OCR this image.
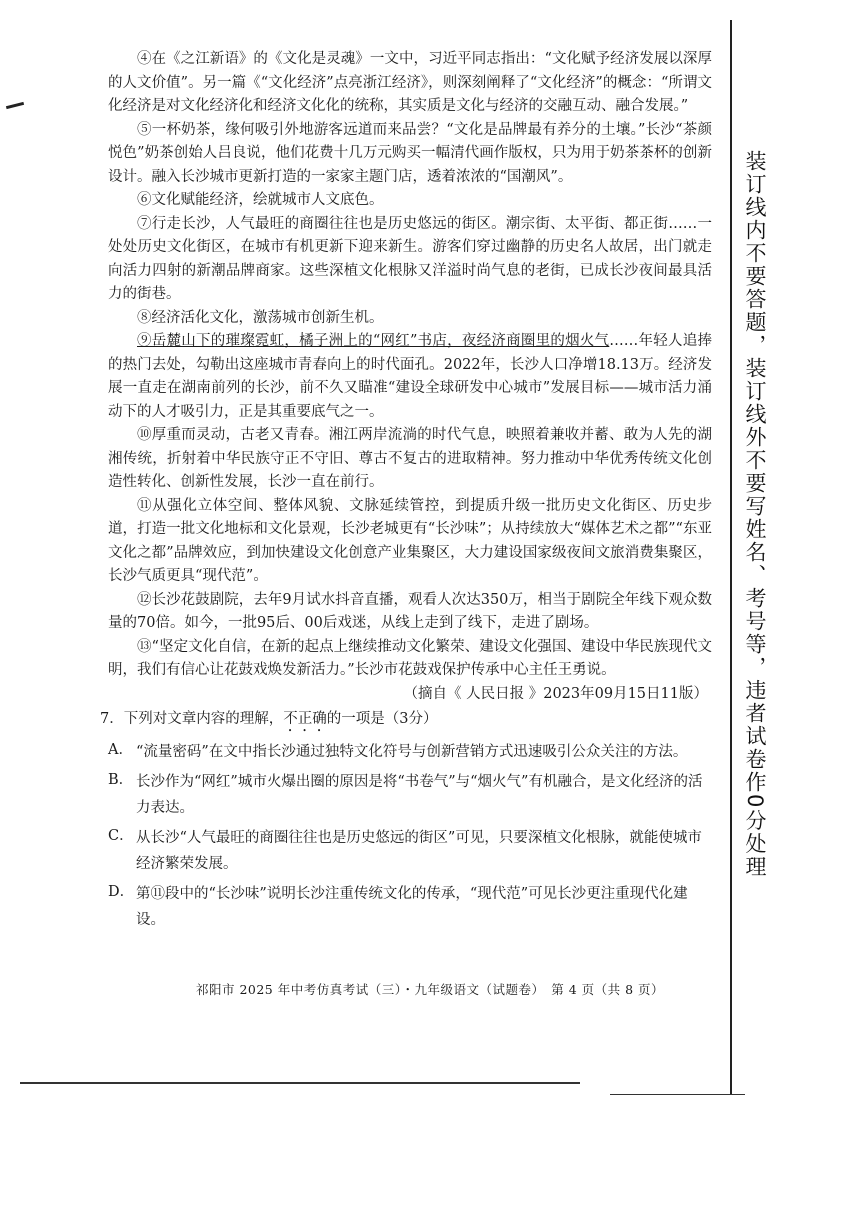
④在《之江新语》的《文化是灵魂》一文中，习近平同志指出：“文化赋予经济发展以深厚的人文价值”。另一篇《“文化经济”点亮浙江经济》，则深刻阐释了“文化经济”的概念：“所谓文化经济是对文化经济化和经济文化化的统称，其实质是文化与经济的交融互动、融合发展。”

⑤一杯奶茶，缘何吸引外地游客远道而来品尝？“文化是品牌最有养分的土壤。”长沙“茶颜悦色”奶茶创始人吕良说，他们花费十几万元购买一幅清代画作版权，只为用于奶茶茶杯的创新设计。融入长沙城市更新打造的一家家主题门店，透着浓浓的“国潮风”。

⑥文化赋能经济，绘就城市人文底色。

⑦行走长沙，人气最旺的商圈往往也是历史悠远的街区。潮宗街、太平街、都正街……一处处历史文化街区，在城市有机更新下迎来新生。游客们穿过幽静的历史名人故居，出门就走向活力四射的新潮品牌商家。这些深植文化根脉又洋溢时尚气息的老街，已成长沙夜间最具活力的街巷。

⑧经济活化文化，激荡城市创新生机。

⑨岳麓山下的璀璨霓虹，橘子洲上的“网红”书店，夜经济商圈里的烟火气……年轻人追捧的热门去处，勾勒出这座城市青春向上的时代面孔。2022年，长沙人口净增18.13万。经济发展一直走在湖南前列的长沙，前不久又瞄准“建设全球研发中心城市”发展目标——城市活力涌动下的人才吸引力，正是其重要底气之一。

⑩厚重而灵动，古老又青春。湘江两岸流淌的时代气息，映照着兼收并蓄、敢为人先的湖湘传统，折射着中华民族守正不守旧、尊古不复古的进取精神。努力推动中华优秀传统文化创造性转化、创新性发展，长沙一直在前行。

⑪从强化立体空间、整体风貌、文脉延续管控，到提质升级一批历史文化街区、历史步道，打造一批文化地标和文化景观，长沙老城更有“长沙味”；从持续放大“媒体艺术之都”“东亚文化之都”品牌效应，到加快建设文化创意产业集聚区，大力建设国家级夜间文旅消费集聚区，长沙气质更具“现代范”。

⑫长沙花鼓剧院，去年9月试水抖音直播，观看人次达350万，相当于剧院全年线下观众数量的70倍。如今，一批95后、00后戏迷，从线上走到了线下，走进了剧场。

⑬“坚定文化自信，在新的起点上继续推动文化繁荣、建设文化强国、建设中华民族现代文明，我们有信心让花鼓戏焕发新活力。”长沙市花鼓戏保护传承中心主任王勇说。

（摘自《 人民日报 》2023年09月15日11版）

7．下列对文章内容的理解，不正确的一项是（3分）
A． “流量密码”在文中指长沙通过独特文化符号与创新营销方式迅速吸引公众关注的方法。
B． 长沙作为“网红”城市火爆出圈的原因是将“书卷气”与“烟火气”有机融合，是文化经济的活力表达。
C． 从长沙“人气最旺的商圈往往也是历史悠远的街区”可见，只要深植文化根脉，就能使城市经济繁荣发展。
D． 第⑪段中的“长沙味”说明长沙注重传统文化的传承，“现代范”可见长沙更注重现代化建设。
祁阳市 2025 年中考仿真考试（三）・九年级语文（试题卷）　第 4 页（共 8 页）
装订线内不要答题，装订线外不要写姓名、考号等，违者试卷作0分处理
